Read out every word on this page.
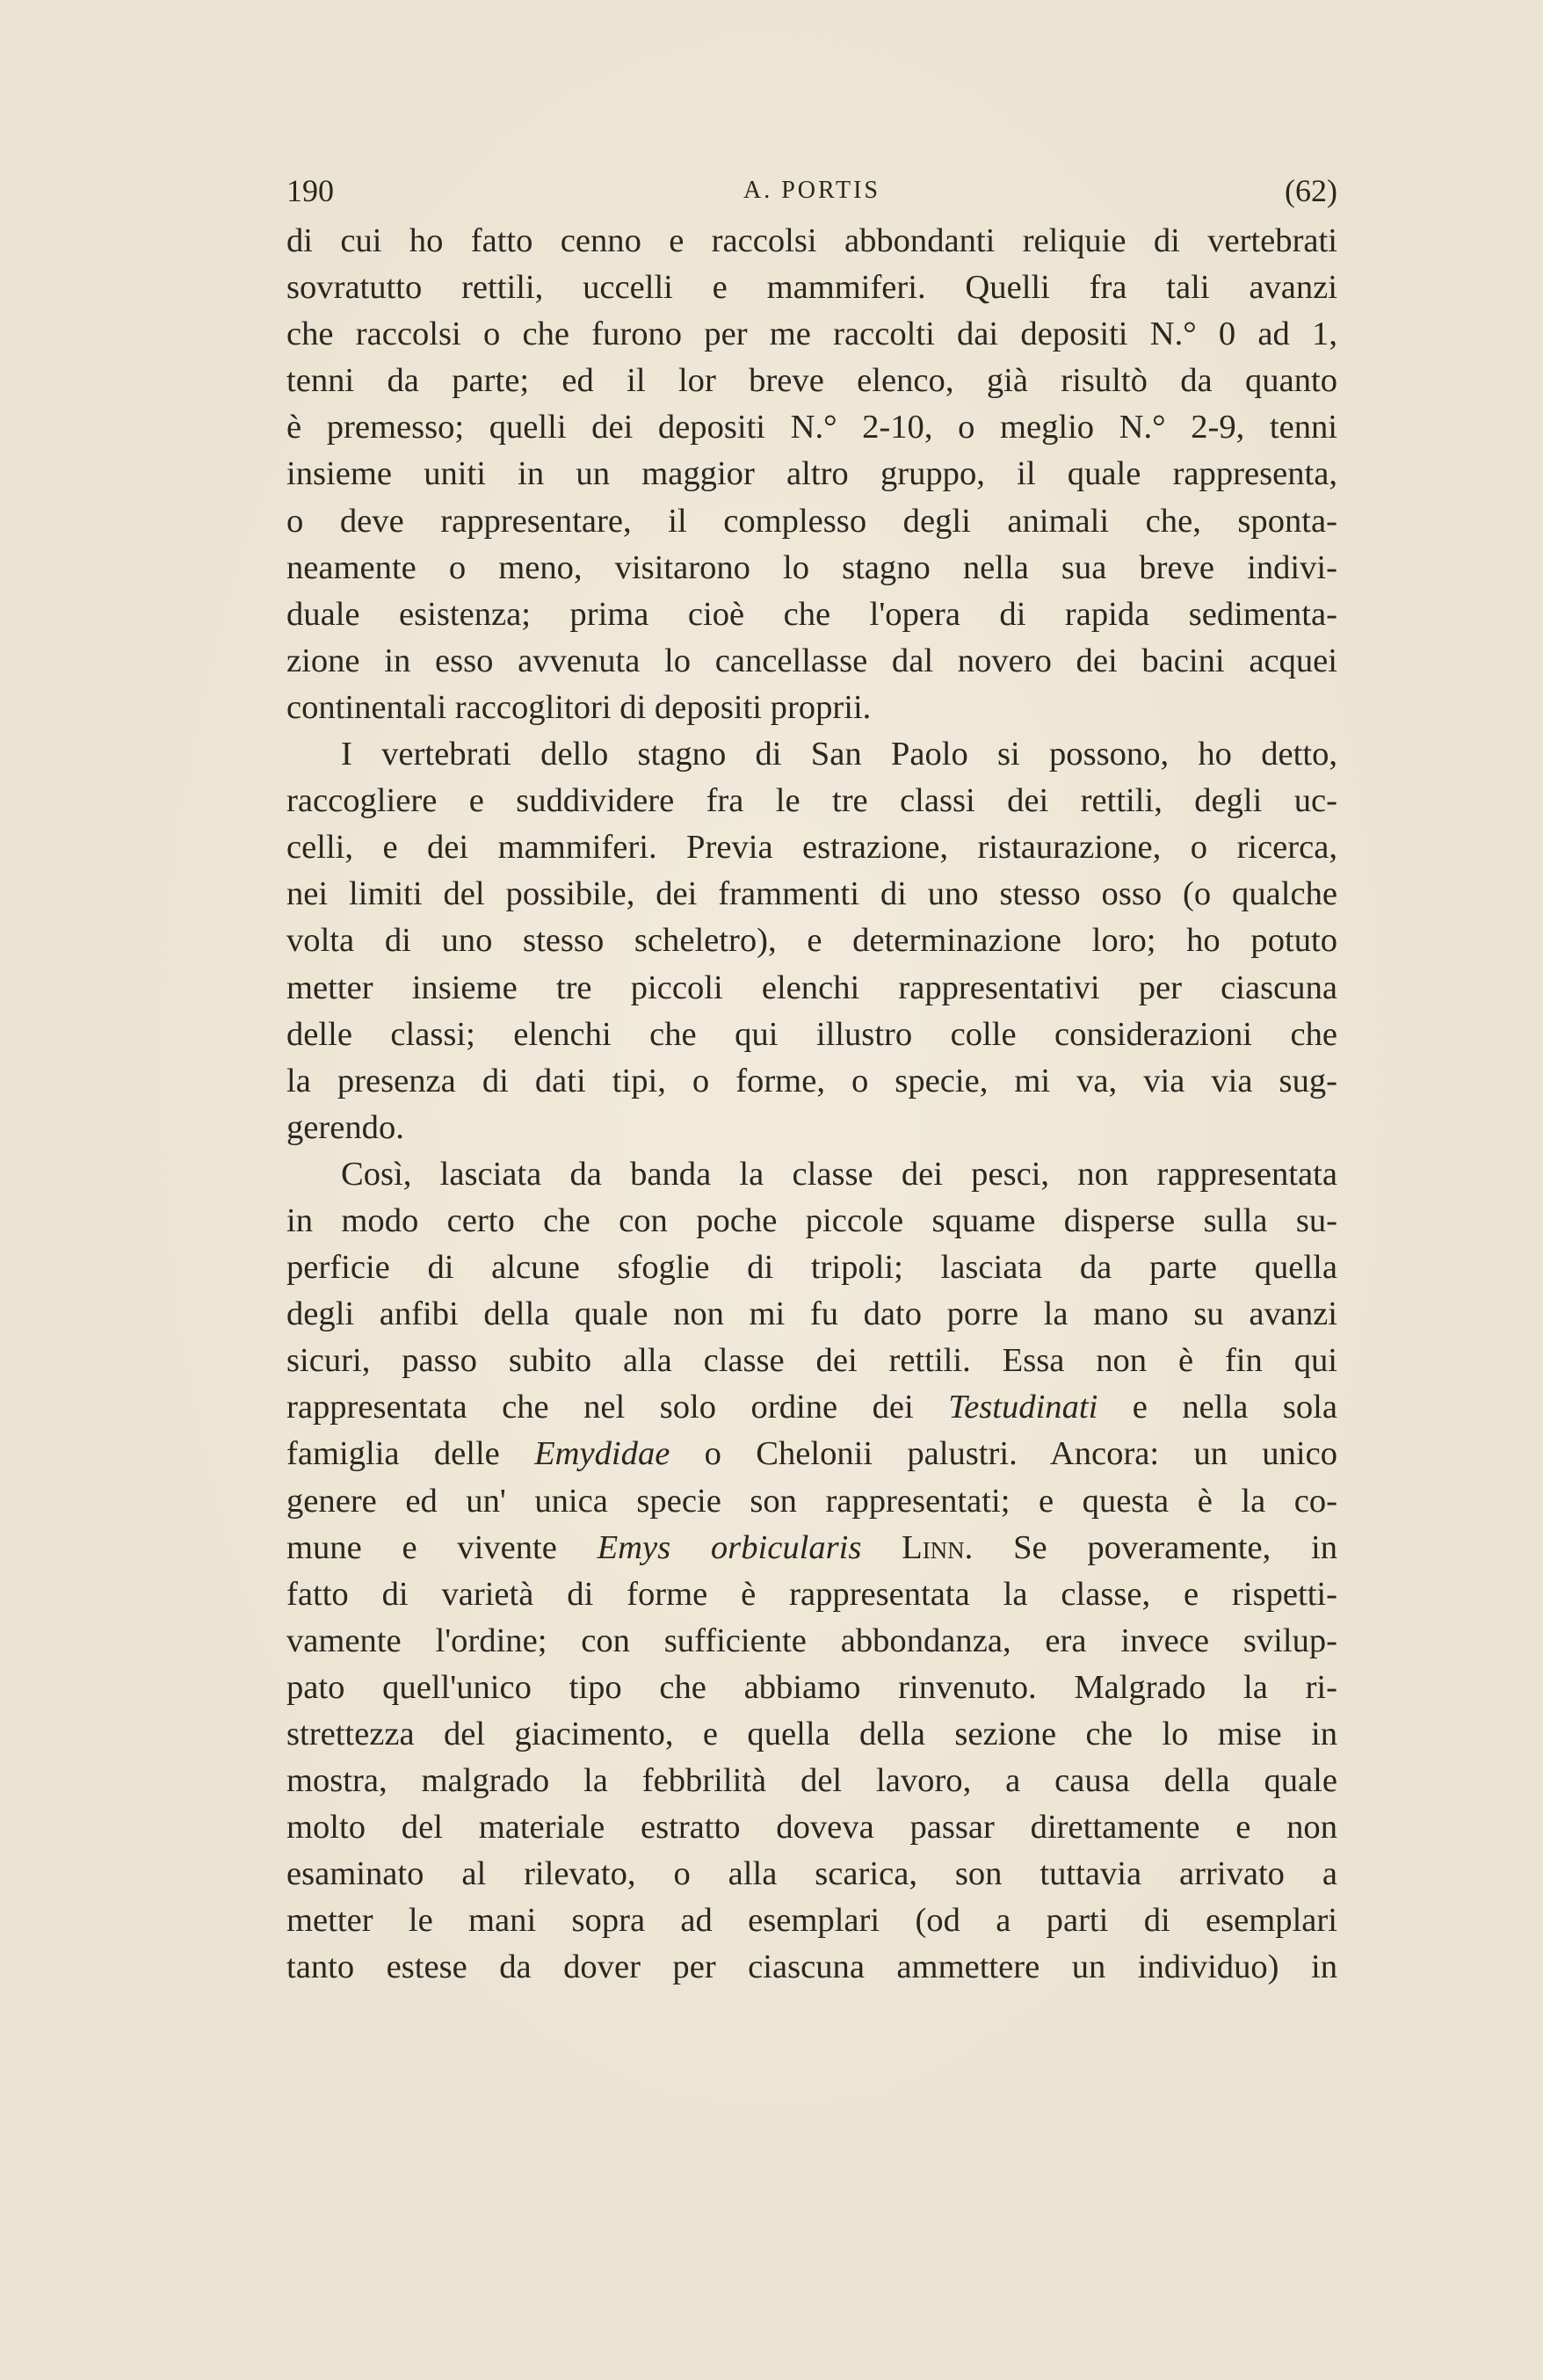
190	A. PORTIS	(62)
di cui ho fatto cenno e raccolsi abbondanti reliquie di vertebrati
sovratutto rettili, uccelli e mammiferi. Quelli fra tali avanzi
che raccolsi o che furono per me raccolti dai depositi N.° 0 ad 1,
tenni da parte; ed il lor breve elenco, già risultò da quanto
è premesso; quelli dei depositi N.° 2-10, o meglio N.° 2-9, tenni
insieme uniti in un maggior altro gruppo, il quale rappresenta,
o deve rappresentare, il complesso degli animali che, sponta-
neamente o meno, visitarono lo stagno nella sua breve indivi-
duale esistenza; prima cioè che l'opera di rapida sedimenta-
zione in esso avvenuta lo cancellasse dal novero dei bacini acquei
continentali raccoglitori di depositi proprii.
I vertebrati dello stagno di San Paolo si possono, ho detto,
raccogliere e suddividere fra le tre classi dei rettili, degli uc-
celli, e dei mammiferi. Previa estrazione, ristaurazione, o ricerca,
nei limiti del possibile, dei frammenti di uno stesso osso (o qualche
volta di uno stesso scheletro), e determinazione loro; ho potuto
metter insieme tre piccoli elenchi rappresentativi per ciascuna
delle classi; elenchi che qui illustro colle considerazioni che
la presenza di dati tipi, o forme, o specie, mi va, via via sug-
gerendo.
Così, lasciata da banda la classe dei pesci, non rappresentata
in modo certo che con poche piccole squame disperse sulla su-
perficie di alcune sfoglie di tripoli; lasciata da parte quella
degli anfibi della quale non mi fu dato porre la mano su avanzi
sicuri, passo subito alla classe dei rettili. Essa non è fin qui
rappresentata che nel solo ordine dei Testudinati e nella sola
famiglia delle Emydidae o Chelonii palustri. Ancora: un unico
genere ed un' unica specie son rappresentati; e questa è la co-
mune e vivente Emys orbicularis Linn. Se poveramente, in
fatto di varietà di forme è rappresentata la classe, e rispetti-
vamente l'ordine; con sufficiente abbondanza, era invece svilup-
pato quell'unico tipo che abbiamo rinvenuto. Malgrado la ri-
strettezza del giacimento, e quella della sezione che lo mise in
mostra, malgrado la febbrilità del lavoro, a causa della quale
molto del materiale estratto doveva passar direttamente e non
esaminato al rilevato, o alla scarica, son tuttavia arrivato a
metter le mani sopra ad esemplari (od a parti di esemplari
tanto estese da dover per ciascuna ammettere un individuo) in
